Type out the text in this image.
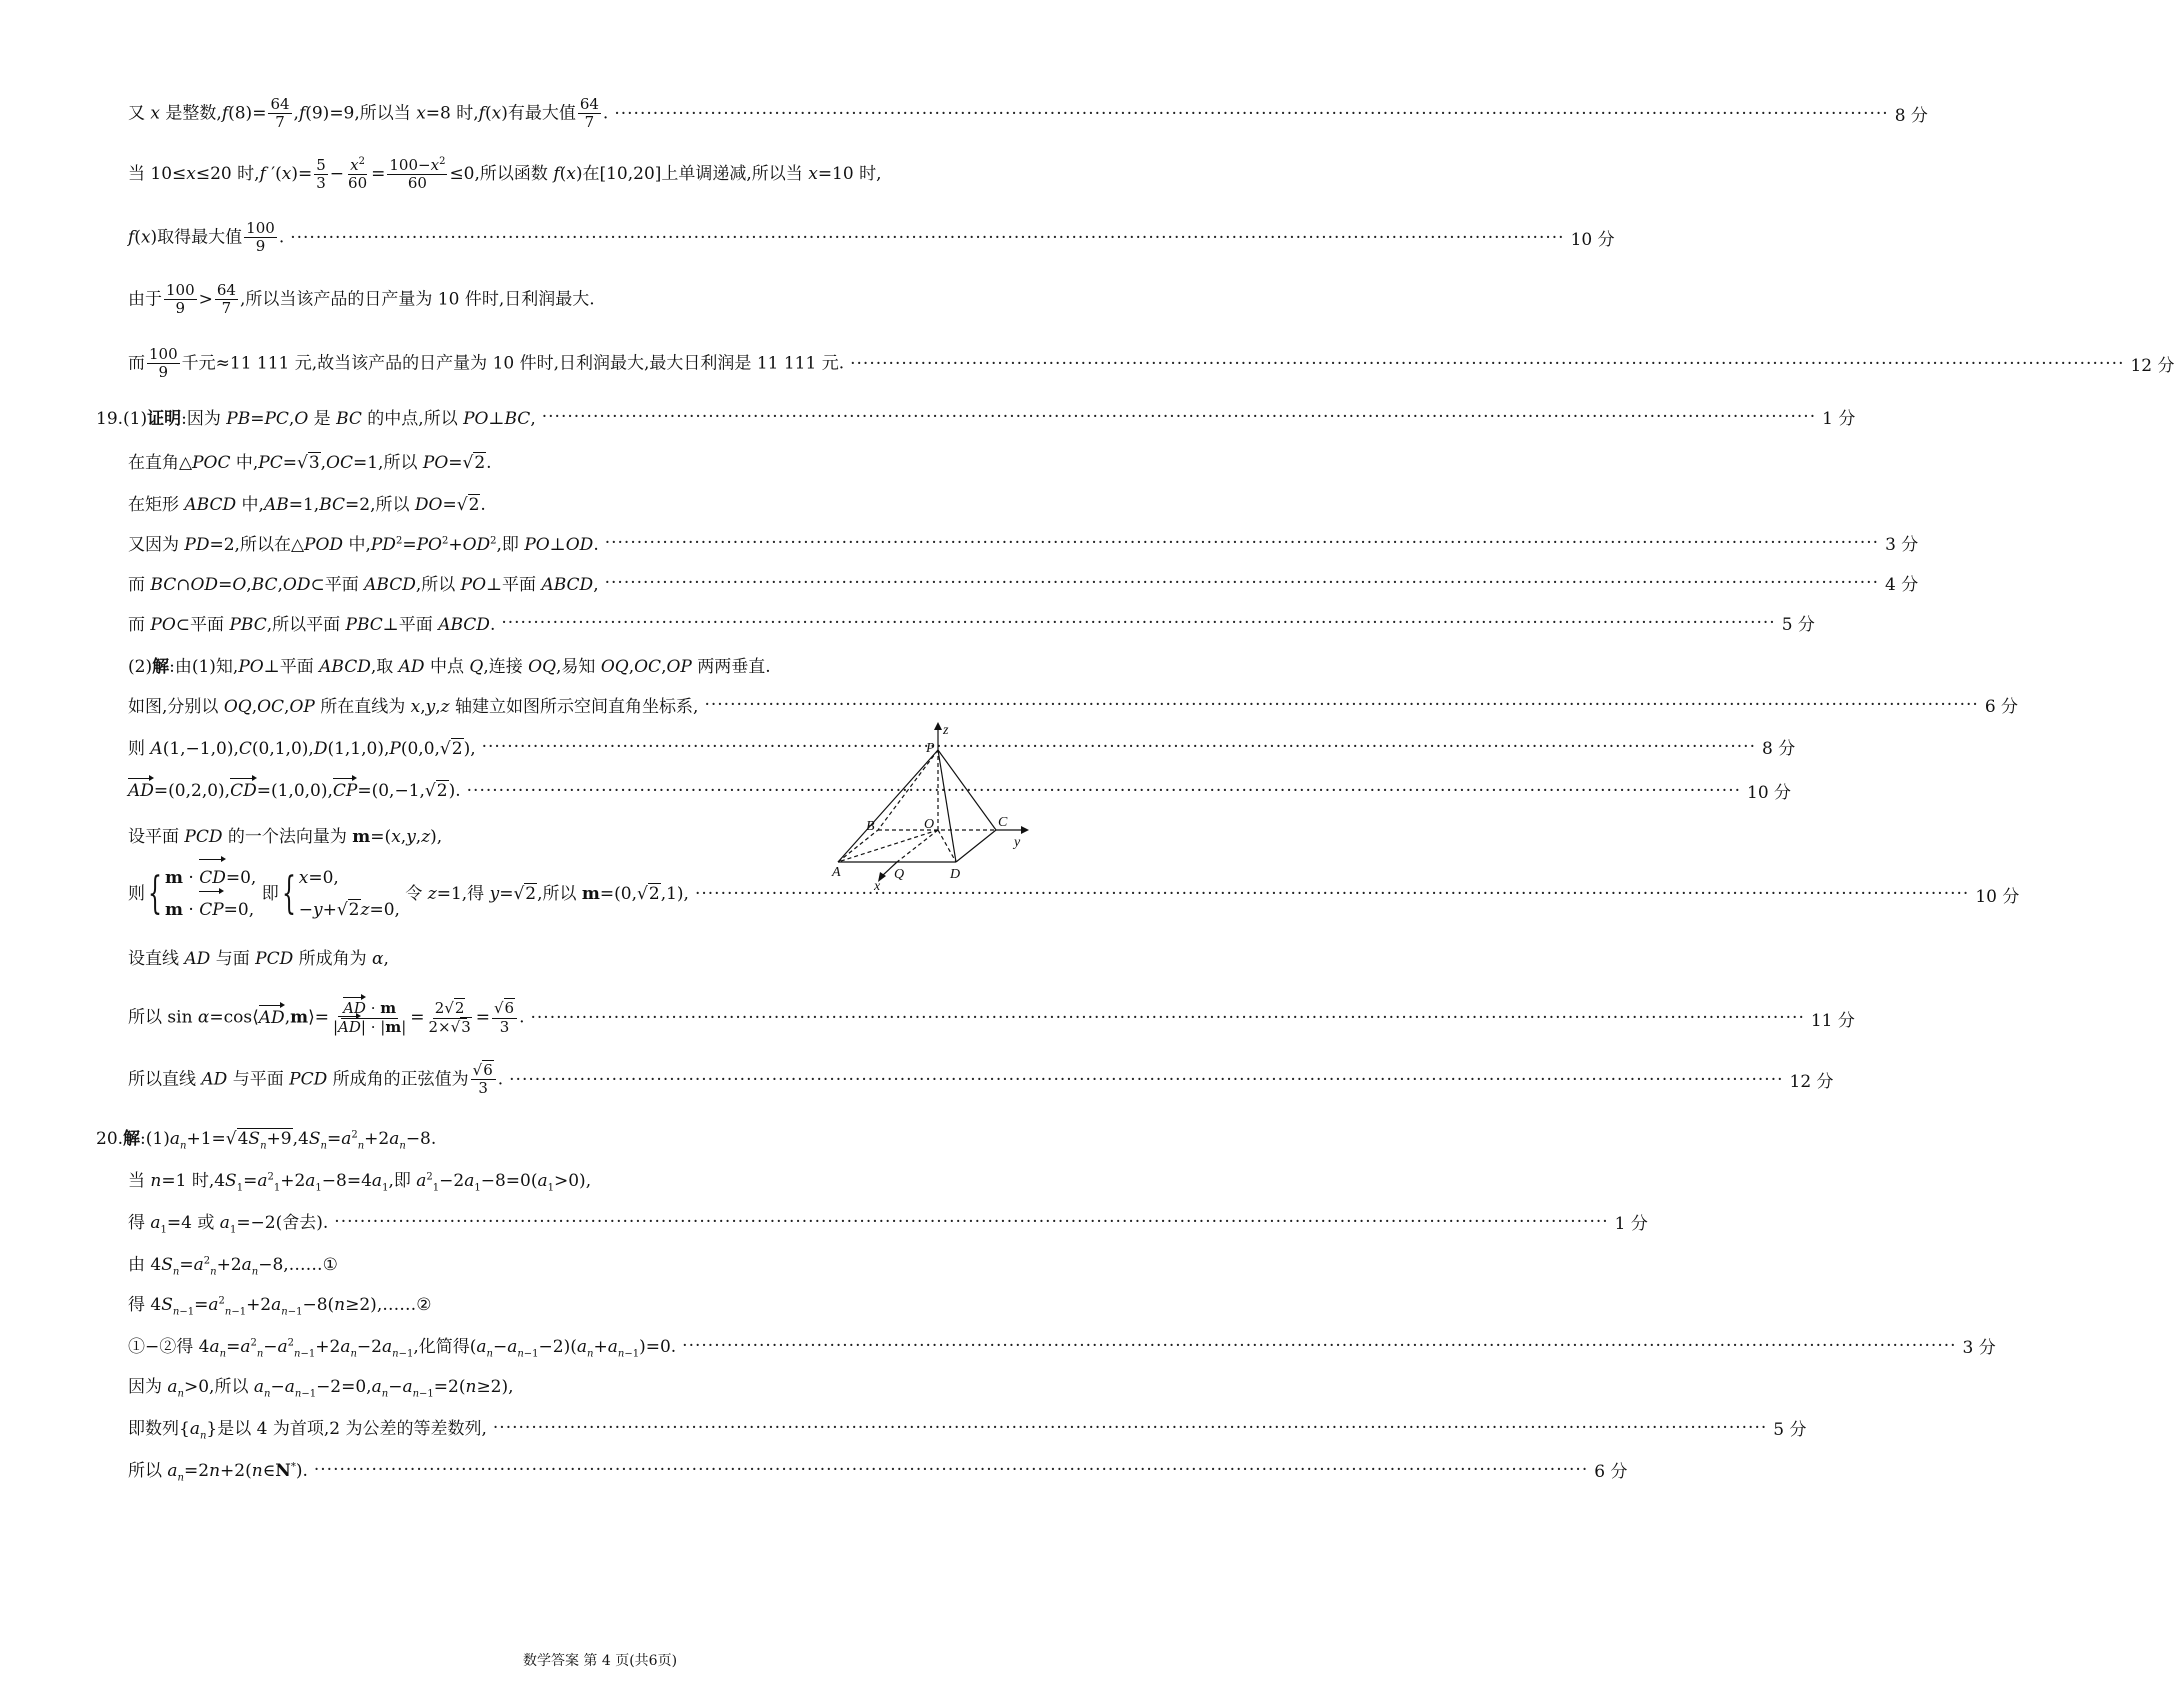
又 x 是整数$,f(8)= \frac{64}{7} ,f(9)=9$,所以当 x=8 时,f(x)有最大值 $\frac{64}{7}$ . ·····	8 分
当 10≤x≤20 时,f $'(x)= \frac{5}{3} - \frac{x^2}{60} = \frac{100-x^2}{60} \le 0$,所以函数 f(x)在[10,20]上单调递减,所以当 x=10 时,
f(x)取得最大值 $\frac{100}{9}$ . ·····	10 分
由于 $\frac{100}{9} > \frac{64}{7}$ ,所以当该产品的日产量为 10 件时,日利润最大.
而 $\frac{100}{9}$ 千元≈11 111 元,故当该产品的日产量为 10 件时,日利润最大,最大日利润是 11 111 元. ·····	12 分
19.(1)证明:因为 PB=PC,O 是 BC 的中点,所以 PO⊥BC, ·····	1 分
在直角△POC 中,PC=√3,OC=1,所以 PO=√2.
在矩形 ABCD 中,AB=1,BC=2,所以 DO=√2.
又因为 PD=2,所以在△POD 中$,PD^2=PO^2+OD^2$,即 PO⊥OD. ·····	3 分
而 BC∩OD=O,BC,OD⊂平面 ABCD,所以 PO⊥平面 ABCD, ·····	4 分
而 PO⊂平面 PBC,所以平面 PBC⊥平面 ABCD. ·····	5 分
(2)解:由(1)知,PO⊥平面 ABCD,取 AD 中点 Q,连接 OQ,易知 OQ,OC,OP 两两垂直.
如图,分别以 OQ,OC,OP 所在直线为 x,y,z 轴建立如图所示空间直角坐标系, ·····	6 分
则 A(1,−1,0),C(0,1,0),D(1,1,0),P(0,0,√2), ·····	8 分
AD=(0,2,0),CD=(1,0,0),CP=(0,−1,√2). ·····	10 分
设平面 PCD 的一个法向量为 m=(x,y,z),
则{ m · CD=0,
m · CP=0,
即{ x=0,
−y+√2z=0,
令 z=1,得 y=√2,所以 m=(0,√2,1), ·····	10 分
设直线 AD 与面 PCD 所成角为 α,
所以 sin α=cos⟨AD,m⟩= $\frac{AD \cdot m}{|AD| \cdot |m|} = \frac{2√2}{2\times√3} = \frac{√6}{3}$ . ·····	11 分
所以直线 AD 与平面 PCD 所成角的正弦值为 $\frac{√6}{3}$ . ·····	12 分
20.解$:(1)a_n+1=√4S_n+9,4S_n=a^2_n+2a_n-8$.
当 n=1 时$,4S_1=a^2_1+2a_1-8=4a_1$,即 $a^2_1-2a_1-8=0(a_1>0)$,
得 $a_1=4$ 或 $a_1=-2$(舍去). ·····	1 分
由 $4S_n=a^2_n+2a_n-8,\dots\dots ①$
得 $4S_{n-1}=a^2_{n-1}+2a_{n-1}-8(n\ge 2),\dots\dots ②$
①−②得 $4a_n=a^2_n-a^2_{n-1}+2a_n-2a_{n-1}$,化简得$(a_n-a_{n-1}-2)(a_n+a_{n-1})=0$. ·····	3 分
因为 $a_n>0$,所以 $a_n-a_{n-1}-2=0,a_n-a_{n-1}=2(n\ge 2)$,
即数列$\{a_n\}$是以 4 为首项,2 为公差的等差数列, ·····	5 分
所以 $a_n=2n+2(n\in N^*)$. ·····	6 分
P
z
B	O	C
y
A	Q	D
x
数学答案 第 4 页(共6页)
